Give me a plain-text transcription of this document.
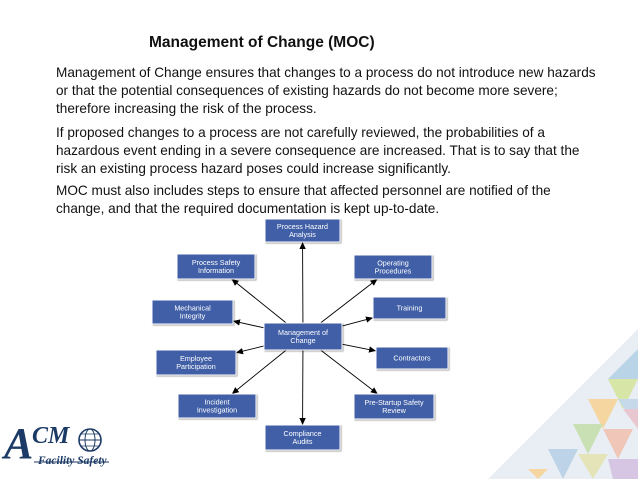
Management of Change (MOC)
Management of Change ensures that changes to a process do not introduce new hazards or that the potential consequences of existing hazards do not become more severe; therefore increasing the risk of the process.
If proposed changes to a process are not carefully reviewed, the probabilities of a hazardous event ending in a severe consequence are increased. That is to say that the risk an existing process hazard poses could increase significantly.
MOC must also includes steps to ensure that affected personnel are notified of the change, and that the required documentation is kept up-to-date.
Management of
Change
Process Hazard
Analysis
Operating
Procedures
Training
Contractors
Pre-Startup Safety
Review
Compliance
Audits
Incident
Investigation
Employee
Participation
Mechanical
Integrity
Process Safety
Information
A
CM
Facility Safety
